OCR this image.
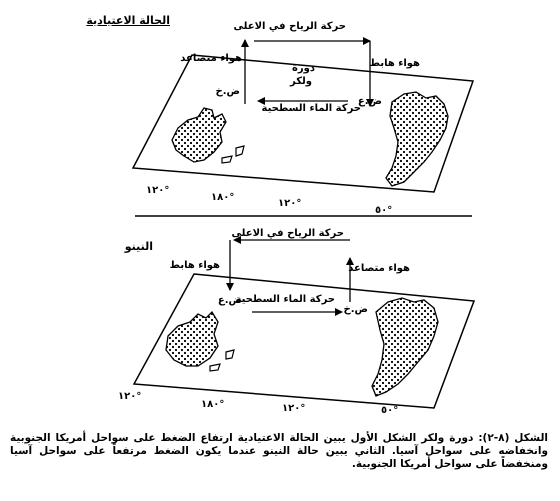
الحالة الاعتيادية	حركة الرياح في الاعلى
هواء متصاعد	هواء هابط
دورة
ولكر
ض.خ
ض.ع
حركة الماء السطحية
١٢٠°
١٨٠°
١٢٠°
٥٠°
النينو
حركة الرياح في الاعلى
هواء هابط	هواء متصاعد
ض.ع
حركة الماء السطحية
ض.خ
١٢٠°
١٨٠°	١٢٠°	٥٠°
الشكل (٨-٢): دورة ولكر الشكل الأول يبين الحالة الاعتيادية ارتفاع الضغط على سواحل أمريكا الجنوبية وانخفاضه على سواحل آسيا. الثاني يبين حالة النينو عندما يكون الضغط مرتفعاً على سواحل آسيا ومنخفضاً على سواحل أمريكا الجنوبية.
